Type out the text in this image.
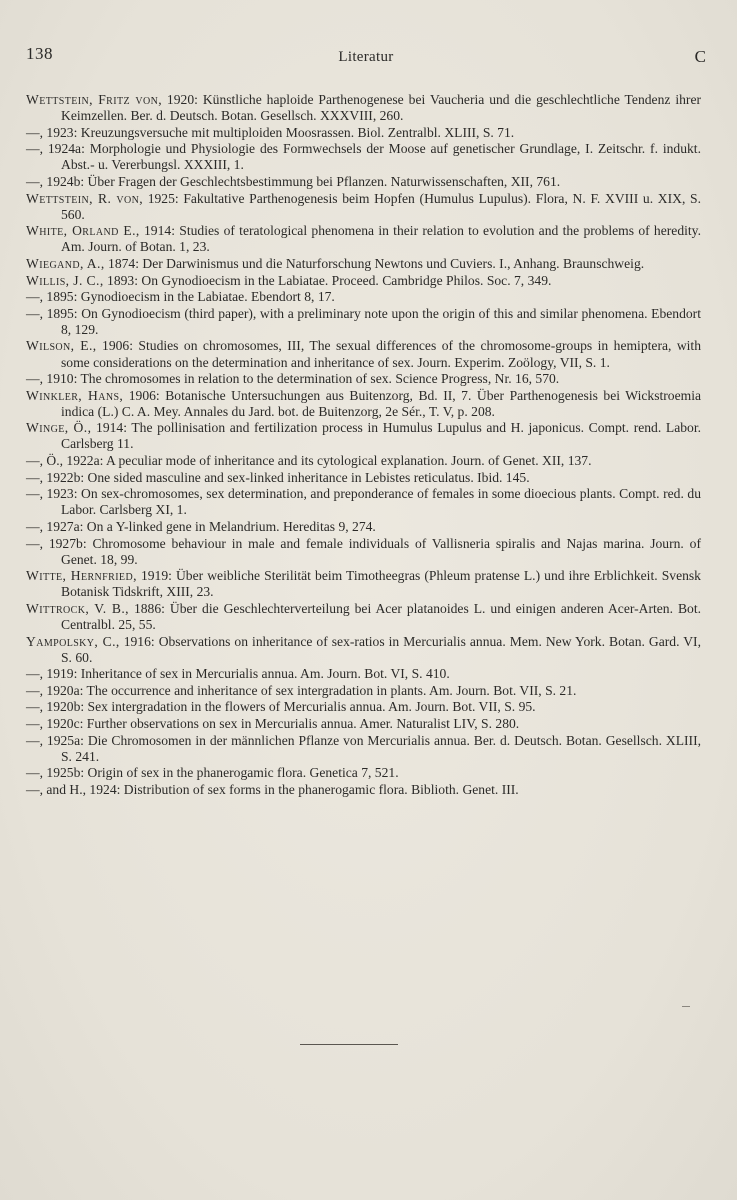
138	Literatur	C

Wettstein, Fritz von, 1920: Künstliche haploide Parthenogenese bei Vaucheria und die geschlechtliche Tendenz ihrer Keimzellen. Ber. d. Deutsch. Botan. Gesellsch. XXXVIII, 260.

—, 1923: Kreuzungsversuche mit multiploiden Moosrassen. Biol. Zentralbl. XLIII, S. 71.

—, 1924a: Morphologie und Physiologie des Formwechsels der Moose auf genetischer Grundlage, I. Zeitschr. f. indukt. Abst.- u. Vererbungsl. XXXIII, 1.

—, 1924b: Über Fragen der Geschlechtsbestimmung bei Pflanzen. Naturwissenschaften, XII, 761.

Wettstein, R. von, 1925: Fakultative Parthenogenesis beim Hopfen (Humulus Lupulus). Flora, N. F. XVIII u. XIX, S. 560.

White, Orland E., 1914: Studies of teratological phenomena in their relation to evolution and the problems of heredity. Am. Journ. of Botan. 1, 23.

Wiegand, A., 1874: Der Darwinismus und die Naturforschung Newtons und Cuviers. I., Anhang. Braunschweig.

Willis, J. C., 1893: On Gynodioecism in the Labiatae. Proceed. Cambridge Philos. Soc. 7, 349.

—, 1895: Gynodioecism in the Labiatae. Ebendort 8, 17.

—, 1895: On Gynodioecism (third paper), with a preliminary note upon the origin of this and similar phenomena. Ebendort 8, 129.

Wilson, E., 1906: Studies on chromosomes, III, The sexual differences of the chromosome-groups in hemiptera, with some considerations on the determination and inheritance of sex. Journ. Experim. Zoölogy, VII, S. 1.

—, 1910: The chromosomes in relation to the determination of sex. Science Progress, Nr. 16, 570.

Winkler, Hans, 1906: Botanische Untersuchungen aus Buitenzorg, Bd. II, 7. Über Parthenogenesis bei Wickstroemia indica (L.) C. A. Mey. Annales du Jard. bot. de Buitenzorg, 2e Sér., T. V, p. 208.

Winge, Ö., 1914: The pollinisation and fertilization process in Humulus Lupulus and H. japonicus. Compt. rend. Labor. Carlsberg 11.

—, Ö., 1922a: A peculiar mode of inheritance and its cytological explanation. Journ. of Genet. XII, 137.

—, 1922b: One sided masculine and sex-linked inheritance in Lebistes reticulatus. Ibid. 145.

—, 1923: On sex-chromosomes, sex determination, and preponderance of females in some dioecious plants. Compt. red. du Labor. Carlsberg XI, 1.

—, 1927a: On a Y-linked gene in Melandrium. Hereditas 9, 274.

—, 1927b: Chromosome behaviour in male and female individuals of Vallisneria spiralis and Najas marina. Journ. of Genet. 18, 99.

Witte, Hernfried, 1919: Über weibliche Sterilität beim Timotheegras (Phleum pratense L.) und ihre Erblichkeit. Svensk Botanisk Tidskrift, XIII, 23.

Wittrock, V. B., 1886: Über die Geschlechterverteilung bei Acer platanoides L. und einigen anderen Acer-Arten. Bot. Centralbl. 25, 55.

Yampolsky, C., 1916: Observations on inheritance of sex-ratios in Mercurialis annua. Mem. New York. Botan. Gard. VI, S. 60.

—, 1919: Inheritance of sex in Mercurialis annua. Am. Journ. Bot. VI, S. 410.

—, 1920a: The occurrence and inheritance of sex intergradation in plants. Am. Journ. Bot. VII, S. 21.

—, 1920b: Sex intergradation in the flowers of Mercurialis annua. Am. Journ. Bot. VII, S. 95.

—, 1920c: Further observations on sex in Mercurialis annua. Amer. Naturalist LIV, S. 280.

—, 1925a: Die Chromosomen in der männlichen Pflanze von Mercurialis annua. Ber. d. Deutsch. Botan. Gesellsch. XLIII, S. 241.

—, 1925b: Origin of sex in the phanerogamic flora. Genetica 7, 521.

—, and H., 1924: Distribution of sex forms in the phanerogamic flora. Biblioth. Genet. III.
